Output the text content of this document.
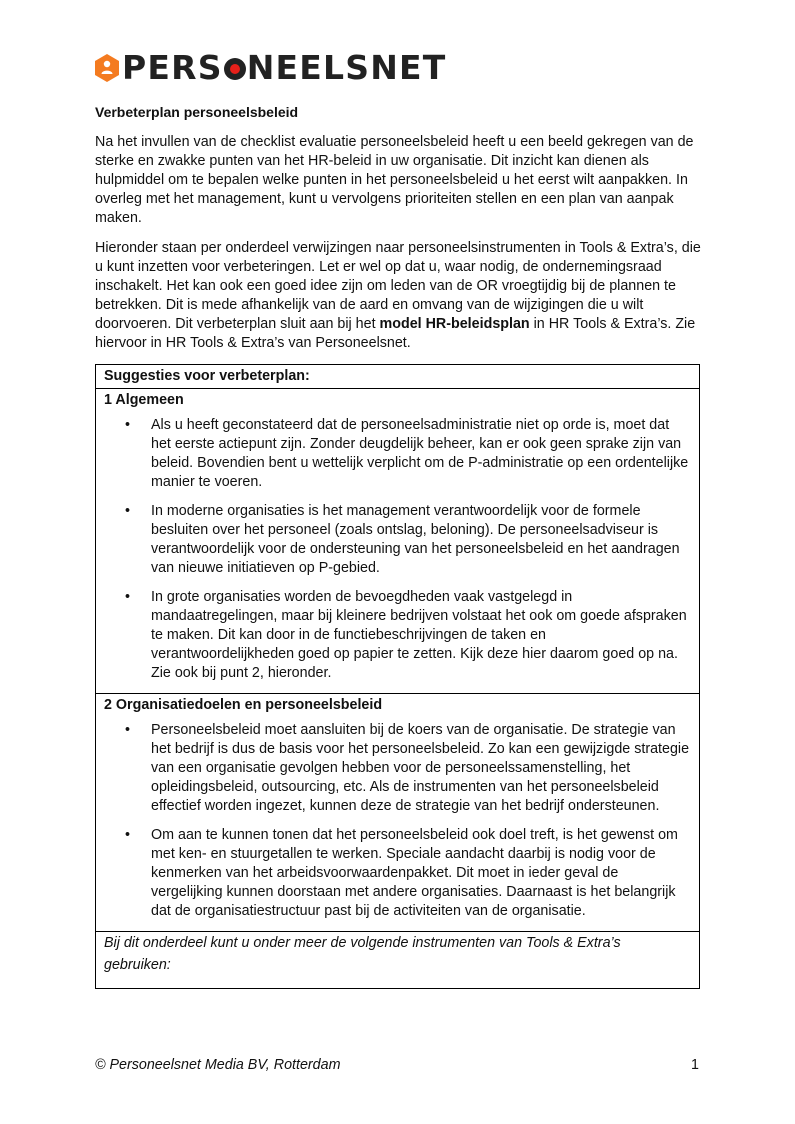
PERS NEELSNET
Verbeterplan personeelsbeleid

Na het invullen van de checklist evaluatie personeelsbeleid heeft u een beeld gekregen van de sterke en zwakke punten van het HR-beleid in uw organisatie. Dit inzicht kan dienen als hulpmiddel om te bepalen welke punten in het personeelsbeleid u het eerst wilt aanpakken. In overleg met het management, kunt u vervolgens prioriteiten stellen en een plan van aanpak maken.

Hieronder staan per onderdeel verwijzingen naar personeelsinstrumenten in Tools & Extra’s, die u kunt inzetten voor verbeteringen. Let er wel op dat u, waar nodig, de ondernemingsraad inschakelt. Het kan ook een goed idee zijn om leden van de OR vroegtijdig bij de plannen te betrekken. Dit is mede afhankelijk van de aard en omvang van de wijzigingen die u wilt doorvoeren. Dit verbeterplan sluit aan bij het model HR-beleidsplan in HR Tools & Extra’s. Zie hiervoor in HR Tools & Extra’s van Personeelsnet.

Suggesties voor verbeterplan:
1 Algemeen
• Als u heeft geconstateerd dat de personeelsadministratie niet op orde is, moet dat het eerste actiepunt zijn. Zonder deugdelijk beheer, kan er ook geen sprake zijn van beleid. Bovendien bent u wettelijk verplicht om de P-administratie op een ordentelijke manier te voeren.
• In moderne organisaties is het management verantwoordelijk voor de formele besluiten over het personeel (zoals ontslag, beloning). De personeelsadviseur is verantwoordelijk voor de ondersteuning van het personeelsbeleid en het aandragen van nieuwe initiatieven op P-gebied.
• In grote organisaties worden de bevoegdheden vaak vastgelegd in mandaatregelingen, maar bij kleinere bedrijven volstaat het ook om goede afspraken te maken. Dit kan door in de functiebeschrijvingen de taken en verantwoordelijkheden goed op papier te zetten. Kijk deze hier daarom goed op na. Zie ook bij punt 2, hieronder.
2 Organisatiedoelen en personeelsbeleid
• Personeelsbeleid moet aansluiten bij de koers van de organisatie. De strategie van het bedrijf is dus de basis voor het personeelsbeleid. Zo kan een gewijzigde strategie van een organisatie gevolgen hebben voor de personeelssamenstelling, het opleidingsbeleid, outsourcing, etc. Als de instrumenten van het personeelsbeleid effectief worden ingezet, kunnen deze de strategie van het bedrijf ondersteunen.
• Om aan te kunnen tonen dat het personeelsbeleid ook doel treft, is het gewenst om met ken- en stuurgetallen te werken. Speciale aandacht daarbij is nodig voor de kenmerken van het arbeidsvoorwaardenpakket. Dit moet in ieder geval de vergelijking kunnen doorstaan met andere organisaties. Daarnaast is het belangrijk dat de organisatiestructuur past bij de activiteiten van de organisatie.
Bij dit onderdeel kunt u onder meer de volgende instrumenten van Tools & Extra’s gebruiken:
© Personeelsnet Media BV, Rotterdam	1
